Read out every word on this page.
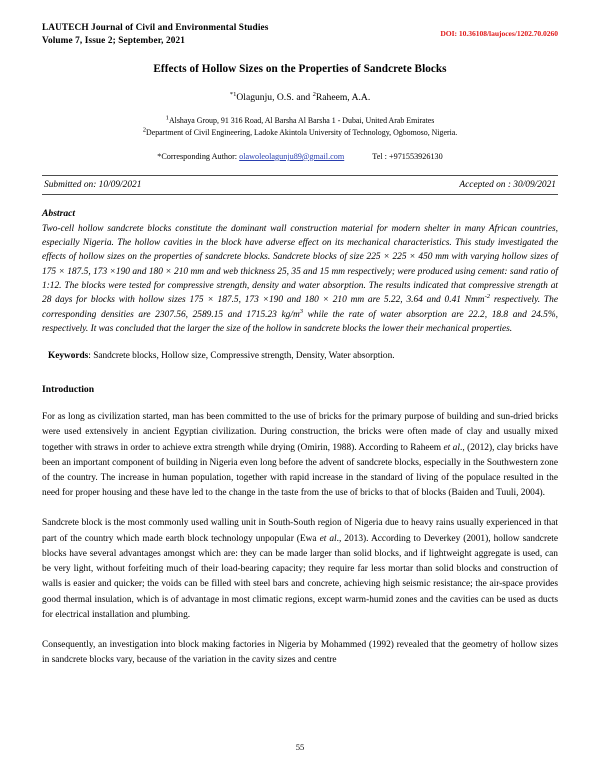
LAUTECH Journal of Civil and Environmental Studies
Volume 7, Issue 2; September, 2021
DOI: 10.36108/laujoces/1202.70.0260
Effects of Hollow Sizes on the Properties of Sandcrete Blocks
$^{*1}$Olagunju, O.S. and $^2$Raheem, A.A.
$^1$Alshaya Group, 91 316 Road, Al Barsha Al Barsha 1 - Dubai, United Arab Emirates
$^2$Department of Civil Engineering, Ladoke Akintola University of Technology, Ogbomoso, Nigeria.
*Corresponding Author: olawoleolagunju89@gmail.com	Tel : +971553926130
Submitted on: 10/09/2021	Accepted on : 30/09/2021
Abstract
Two-cell hollow sandcrete blocks constitute the dominant wall construction material for modern shelter in many African countries, especially Nigeria. The hollow cavities in the block have adverse effect on its mechanical characteristics. This study investigated the effects of hollow sizes on the properties of sandcrete blocks. Sandcrete blocks of size 225 × 225 × 450 mm with varying hollow sizes of 175 × 187.5, 173 ×190 and 180 × 210 mm and web thickness 25, 35 and 15 mm respectively; were produced using cement: sand ratio of 1:12. The blocks were tested for compressive strength, density and water absorption. The results indicated that compressive strength at 28 days for blocks with hollow sizes 175 × 187.5, 173 ×190 and 180 × 210 mm are 5.22, 3.64 and 0.41 Nmm$^{-2}$ respectively. The corresponding densities are 2307.56, 2589.15 and 1715.23 $kg/m^3$ while the rate of water absorption are 22.2, 18.8 and 24.5%, respectively. It was concluded that the larger the size of the hollow in sandcrete blocks the lower their mechanical properties.
Keywords: Sandcrete blocks, Hollow size, Compressive strength, Density, Water absorption.
Introduction

For as long as civilization started, man has been committed to the use of bricks for the primary purpose of building and sun-dried bricks were used extensively in ancient Egyptian civilization. During construction, the bricks were often made of clay and usually mixed together with straws in order to achieve extra strength while drying (Omirin, 1988). According to Raheem et al., (2012), clay bricks have been an important component of building in Nigeria even long before the advent of sandcrete blocks, especially in the Southwestern zone of the country. The increase in human population, together with rapid increase in the standard of living of the populace resulted in the need for proper housing and these have led to the change in the taste from the use of bricks to that of blocks (Baiden and Tuuli, 2004).

Sandcrete block is the most commonly used walling unit in South-South region of Nigeria due to heavy rains usually experienced in that part of the country which made earth block technology unpopular (Ewa et al., 2013). According to Deverkey (2001), hollow sandcrete blocks have several advantages amongst which are: they can be made larger than solid blocks, and if lightweight aggregate is used, can be very light, without forfeiting much of their load-bearing capacity; they require far less mortar than solid blocks and construction of walls is easier and quicker; the voids can be filled with steel bars and concrete, achieving high seismic resistance; the air-space provides good thermal insulation, which is of advantage in most climatic regions, except warm-humid zones and the cavities can be used as ducts for electrical installation and plumbing.

Consequently, an investigation into block making factories in Nigeria by Mohammed (1992) revealed that the geometry of hollow sizes in sandcrete blocks vary, because of the variation in the cavity sizes and centre

55
